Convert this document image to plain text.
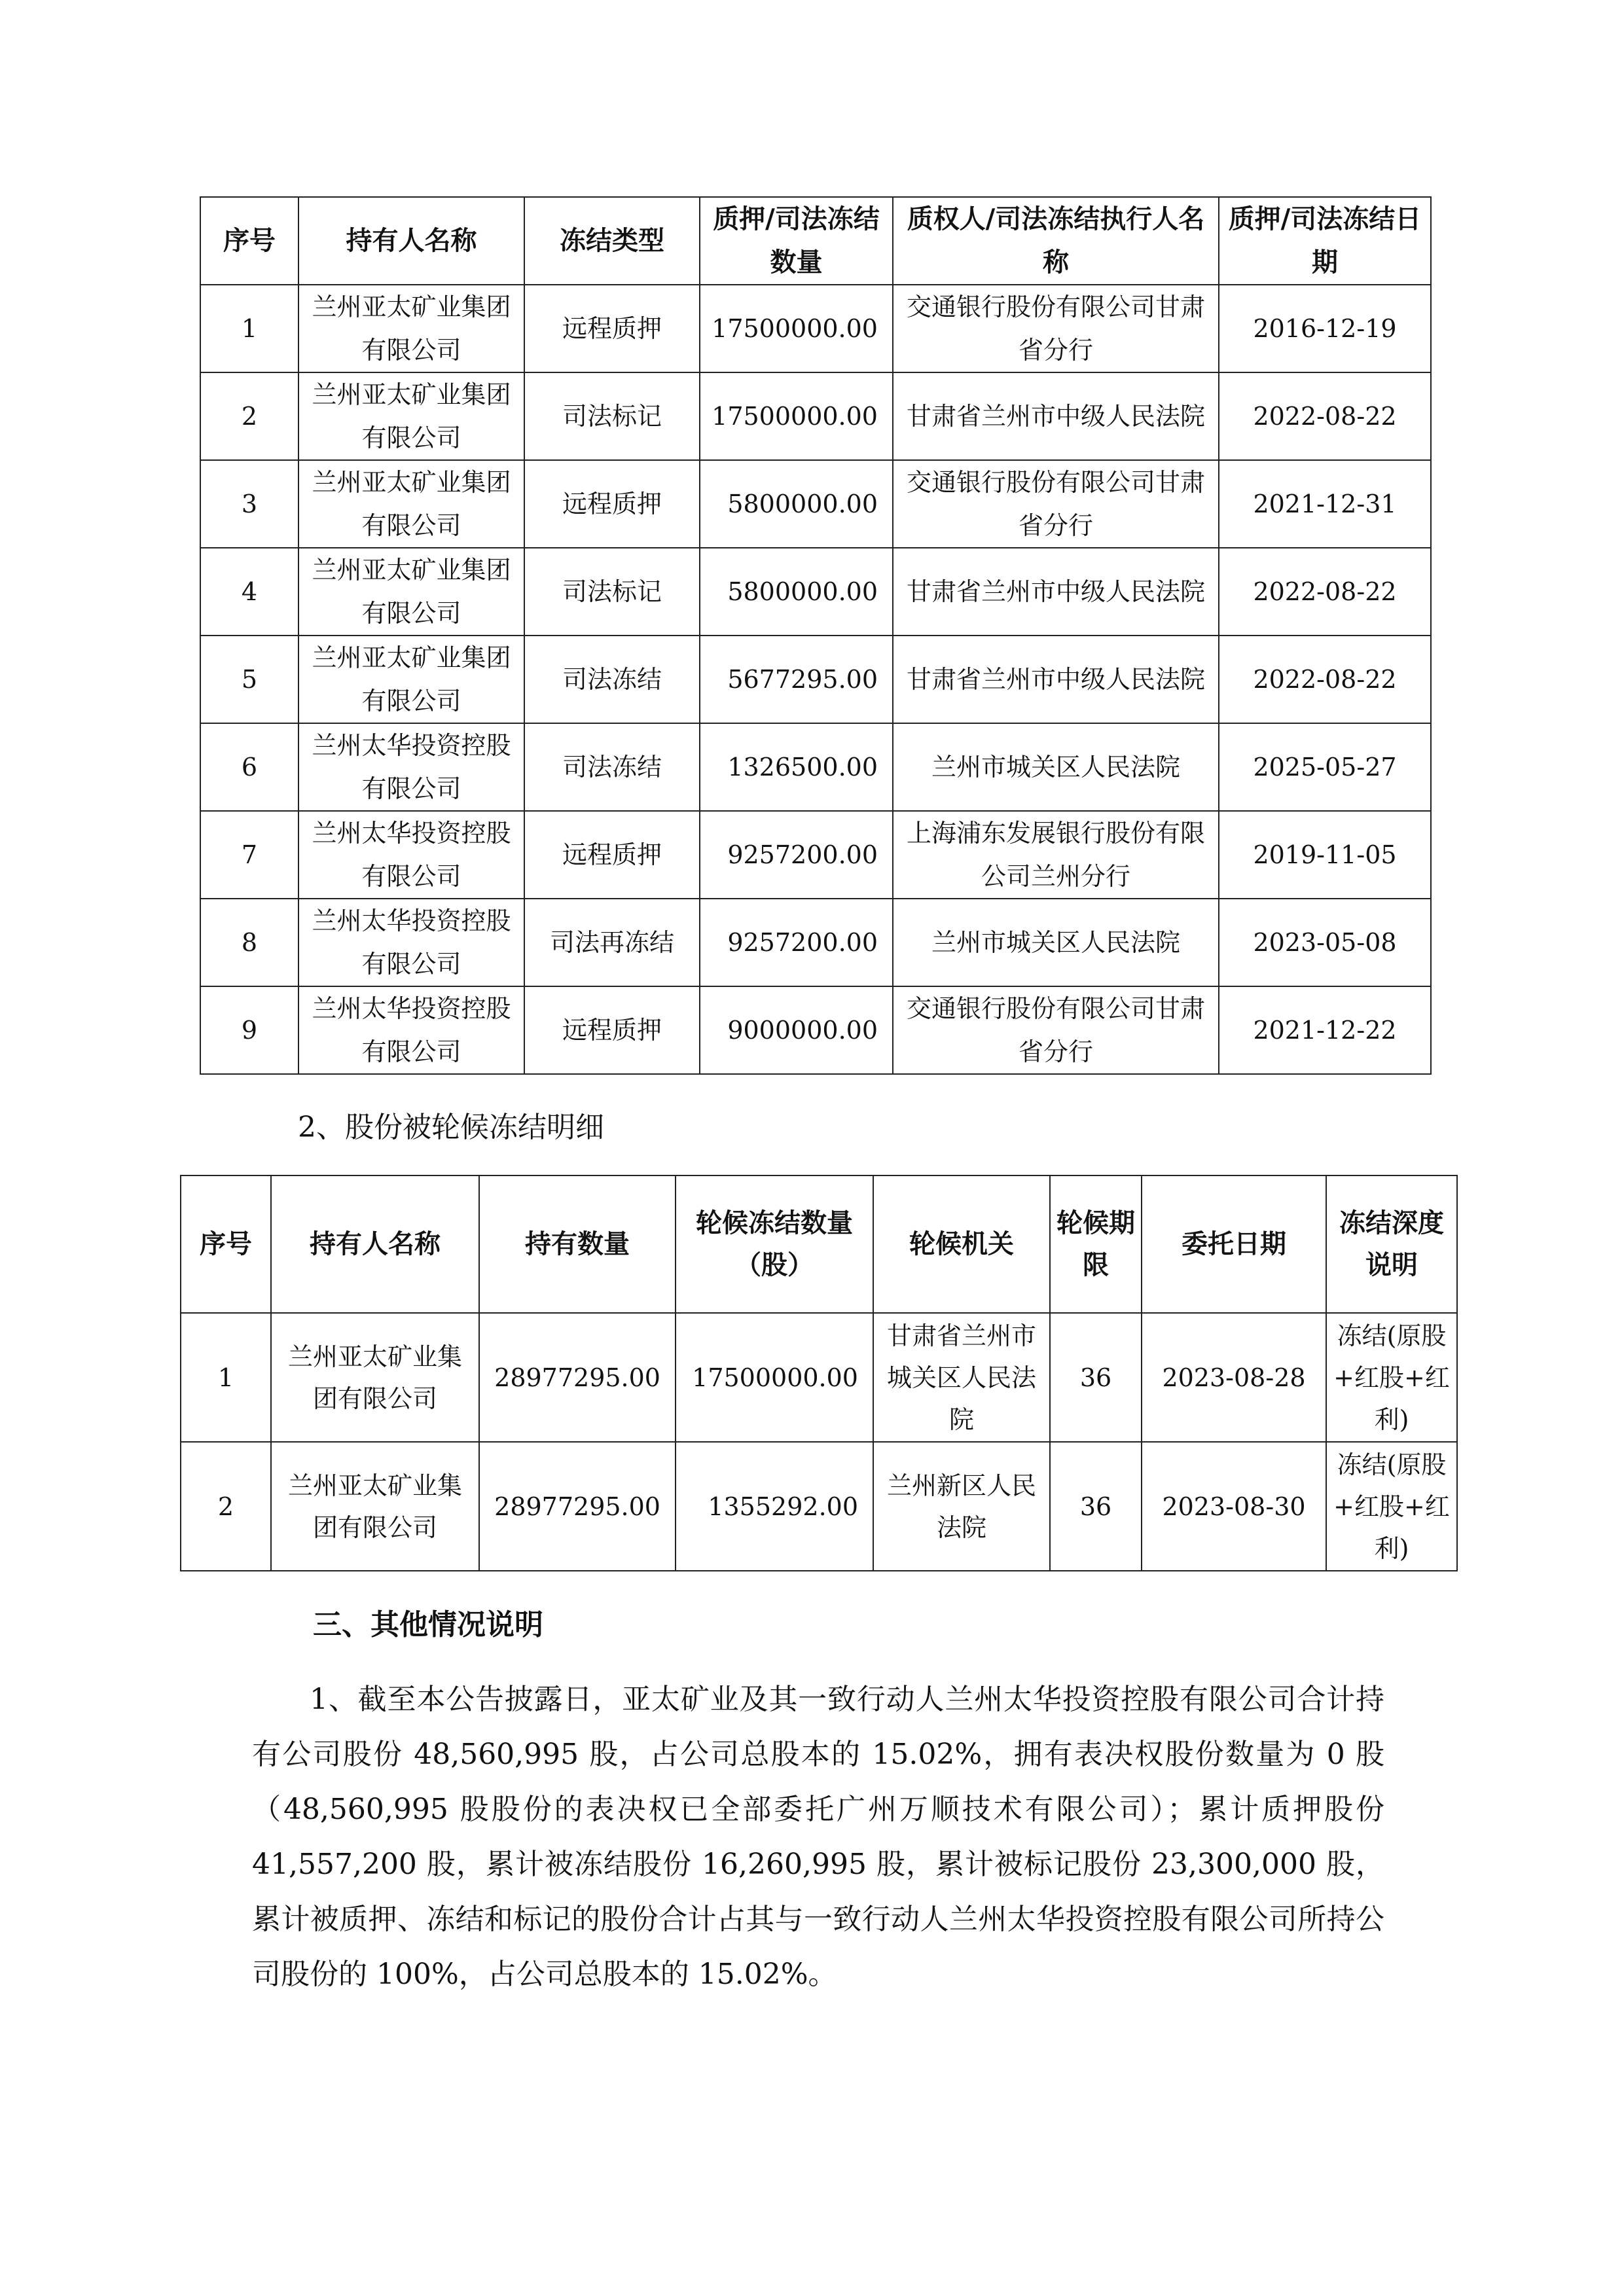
序号	持有人名称	冻结类型	质押/司法冻结数量	质权人/司法冻结执行人名称	质押/司法冻结日期
1	兰州亚太矿业集团有限公司	远程质押	17500000.00	交通银行股份有限公司甘肃省分行	2016-12-19
2	兰州亚太矿业集团有限公司	司法标记	17500000.00	甘肃省兰州市中级人民法院	2022-08-22
3	兰州亚太矿业集团有限公司	远程质押	5800000.00	交通银行股份有限公司甘肃省分行	2021-12-31
4	兰州亚太矿业集团有限公司	司法标记	5800000.00	甘肃省兰州市中级人民法院	2022-08-22
5	兰州亚太矿业集团有限公司	司法冻结	5677295.00	甘肃省兰州市中级人民法院	2022-08-22
6	兰州太华投资控股有限公司	司法冻结	1326500.00	兰州市城关区人民法院	2025-05-27
7	兰州太华投资控股有限公司	远程质押	9257200.00	上海浦东发展银行股份有限公司兰州分行	2019-11-05
8	兰州太华投资控股有限公司	司法再冻结	9257200.00	兰州市城关区人民法院	2023-05-08
9	兰州太华投资控股有限公司	远程质押	9000000.00	交通银行股份有限公司甘肃省分行	2021-12-22

2、股份被轮候冻结明细

序号	持有人名称	持有数量	轮候冻结数量（股）	轮候机关	轮候期限	委托日期	冻结深度说明
1	兰州亚太矿业集团有限公司	28977295.00	17500000.00	甘肃省兰州市城关区人民法院	36	2023-08-28	冻结(原股+红股+红利)
2	兰州亚太矿业集团有限公司	28977295.00	1355292.00	兰州新区人民法院	36	2023-08-30	冻结(原股+红股+红利)

三、其他情况说明

1、截至本公告披露日，亚太矿业及其一致行动人兰州太华投资控股有限公司合计持有公司股份 48,560,995 股，占公司总股本的 15.02%，拥有表决权股份数量为 0 股（48,560,995 股股份的表决权已全部委托广州万顺技术有限公司）；累计质押股份 41,557,200 股，累计被冻结股份 16,260,995 股，累计被标记股份 23,300,000 股，累计被质押、冻结和标记的股份合计占其与一致行动人兰州太华投资控股有限公司所持公司股份的 100%，占公司总股本的 15.02%。
